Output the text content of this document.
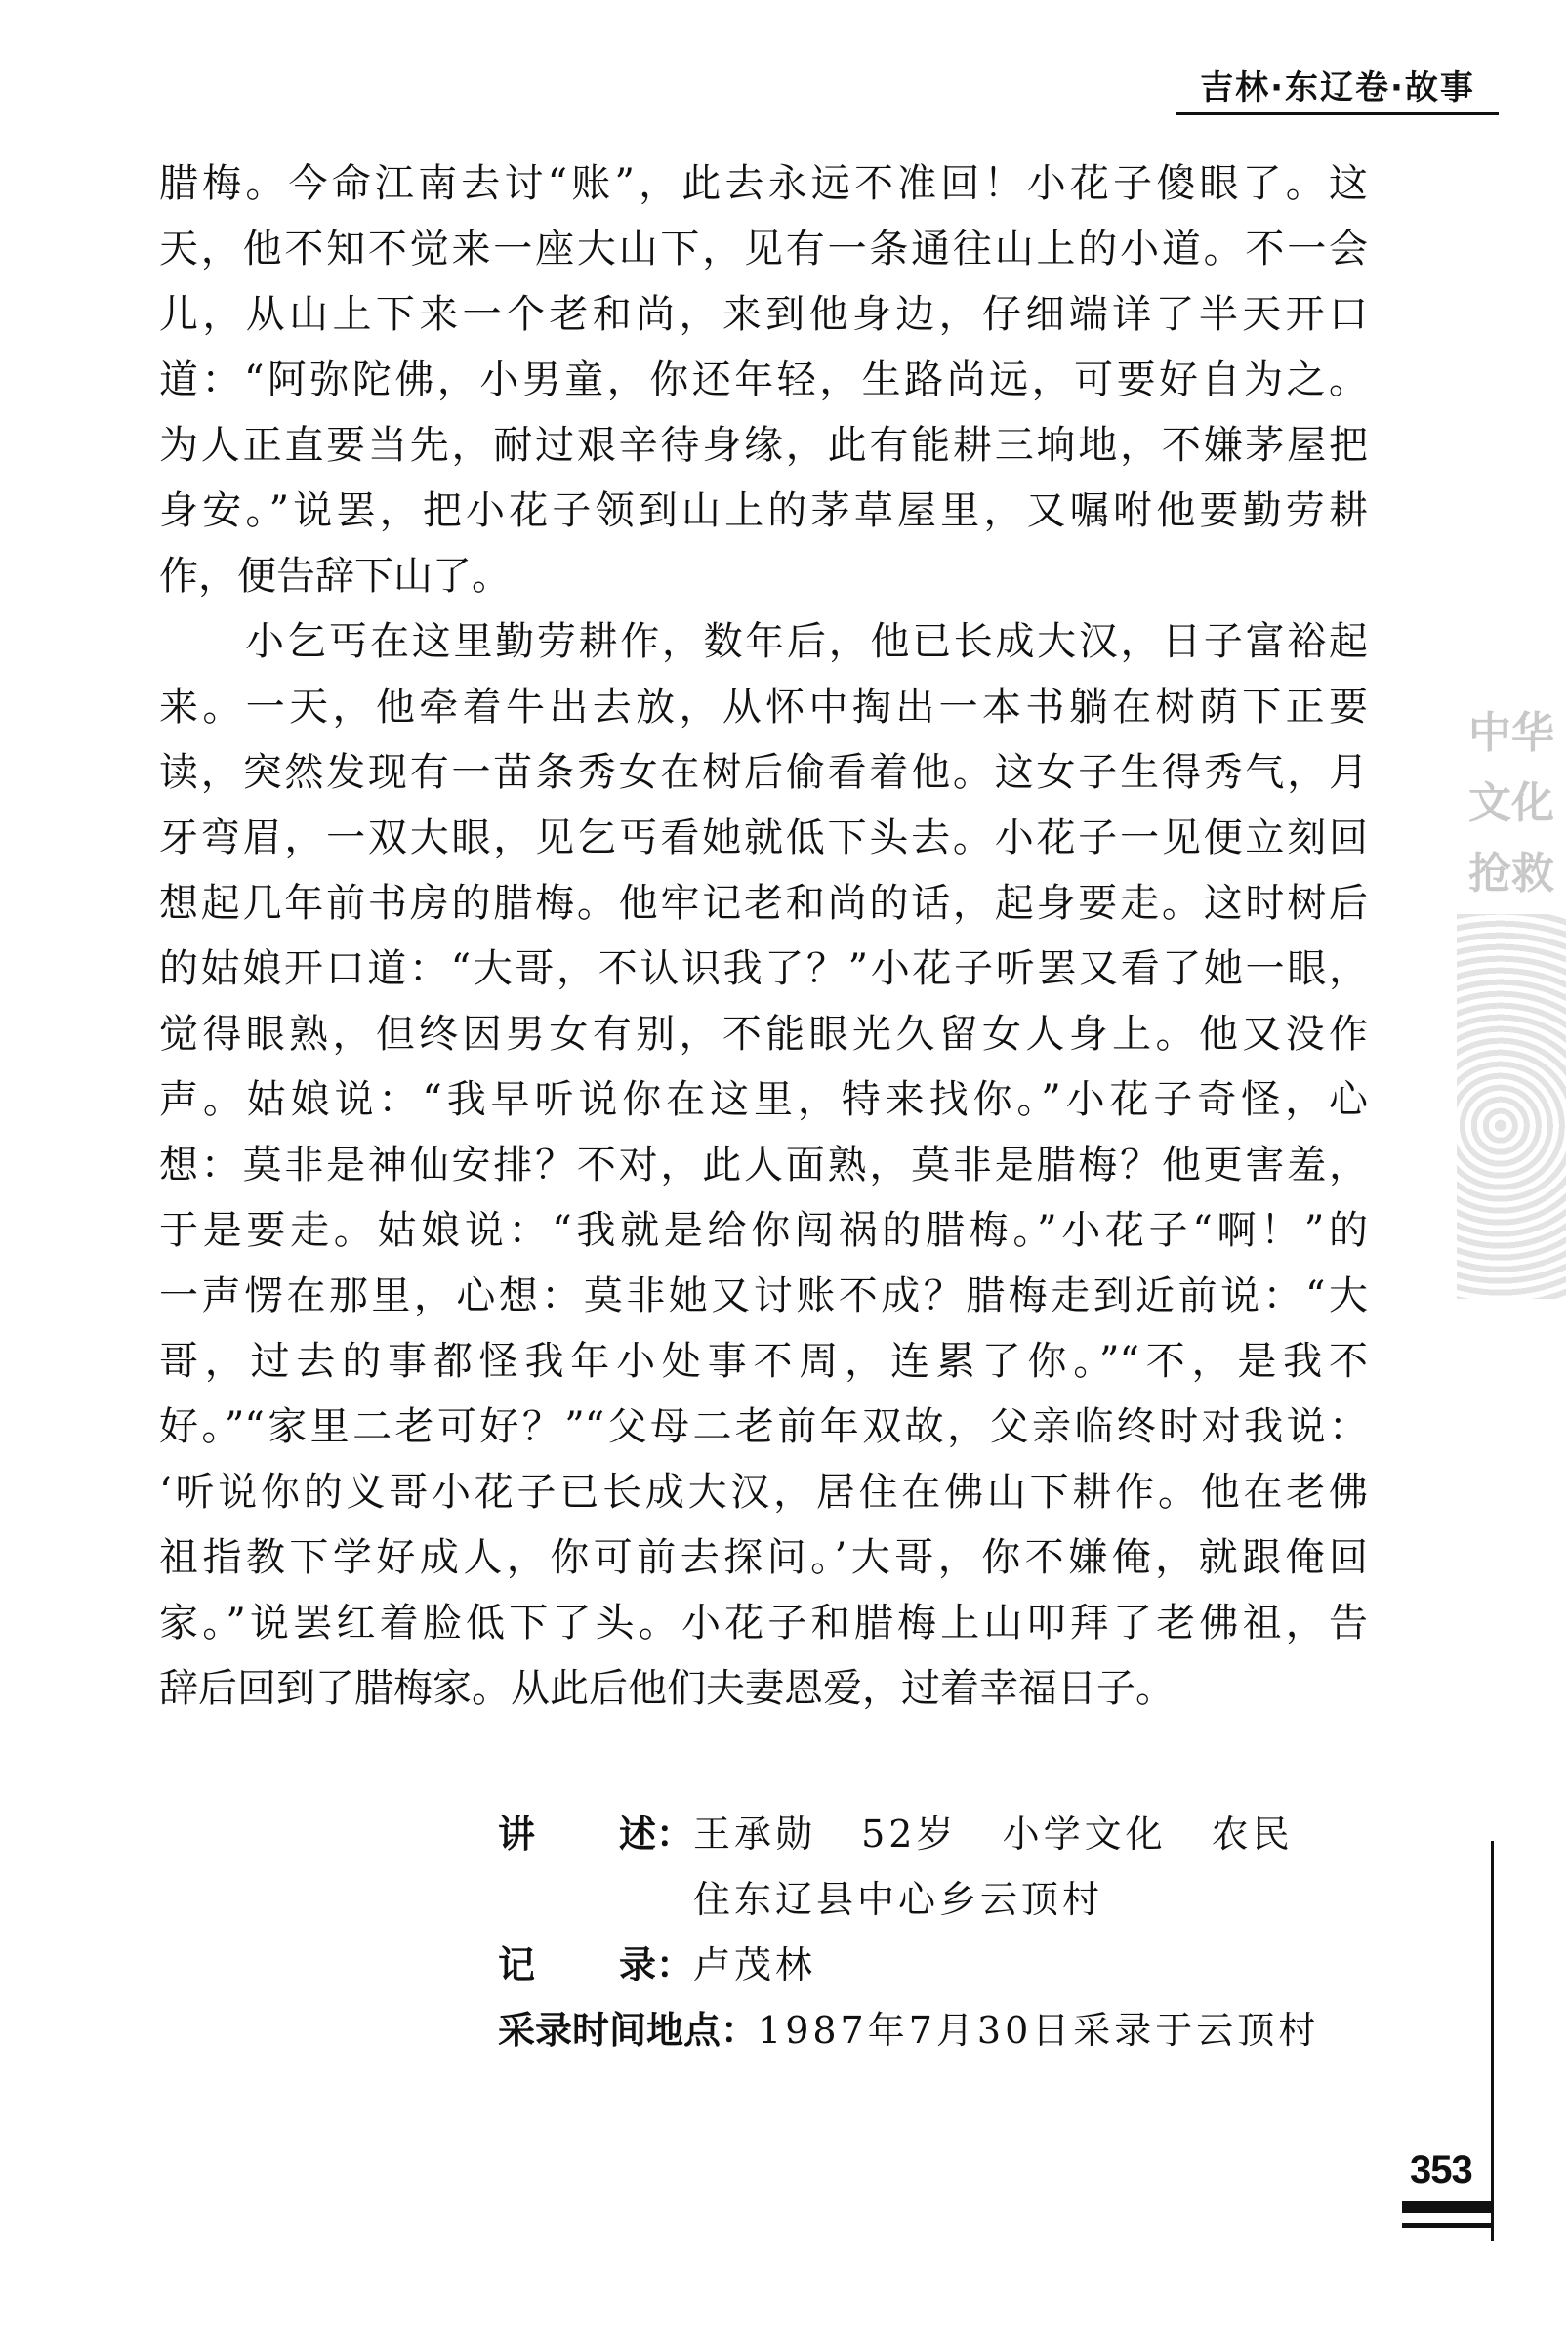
吉林·东辽卷·故事
中华
文化
抢救
腊梅。今命江南去讨“账”，此去永远不准回！小花子傻眼了。这
天，他不知不觉来一座大山下，见有一条通往山上的小道。不一会
儿，从山上下来一个老和尚，来到他身边，仔细端详了半天开口
道：“阿弥陀佛，小男童，你还年轻，生路尚远，可要好自为之。
为人正直要当先，耐过艰辛待身缘，此有能耕三垧地，不嫌茅屋把
身安。”说罢，把小花子领到山上的茅草屋里，又嘱咐他要勤劳耕
作，便告辞下山了。
小乞丐在这里勤劳耕作，数年后，他已长成大汉，日子富裕起
来。一天，他牵着牛出去放，从怀中掏出一本书躺在树荫下正要
读，突然发现有一苗条秀女在树后偷看着他。这女子生得秀气，月
牙弯眉，一双大眼，见乞丐看她就低下头去。小花子一见便立刻回
想起几年前书房的腊梅。他牢记老和尚的话，起身要走。这时树后
的姑娘开口道：“大哥，不认识我了？”小花子听罢又看了她一眼，
觉得眼熟，但终因男女有别，不能眼光久留女人身上。他又没作
声。姑娘说：“我早听说你在这里，特来找你。”小花子奇怪，心
想：莫非是神仙安排？不对，此人面熟，莫非是腊梅？他更害羞，
于是要走。姑娘说：“我就是给你闯祸的腊梅。”小花子“啊！”的
一声愣在那里，心想：莫非她又讨账不成？腊梅走到近前说：“大
哥，过去的事都怪我年小处事不周，连累了你。”“不，是我不
好。”“家里二老可好？”“父母二老前年双故，父亲临终时对我说：
‘听说你的义哥小花子已长成大汉，居住在佛山下耕作。他在老佛
祖指教下学好成人，你可前去探问。’大哥，你不嫌俺，就跟俺回
家。”说罢红着脸低下了头。小花子和腊梅上山叩拜了老佛祖，告
辞后回到了腊梅家。从此后他们夫妻恩爱，过着幸福日子。
讲 述： 王承勋 52岁 小学文化 农民
住东辽县中心乡云顶村
记 录： 卢茂林
采录时间地点：1987年7月30日采录于云顶村
353
